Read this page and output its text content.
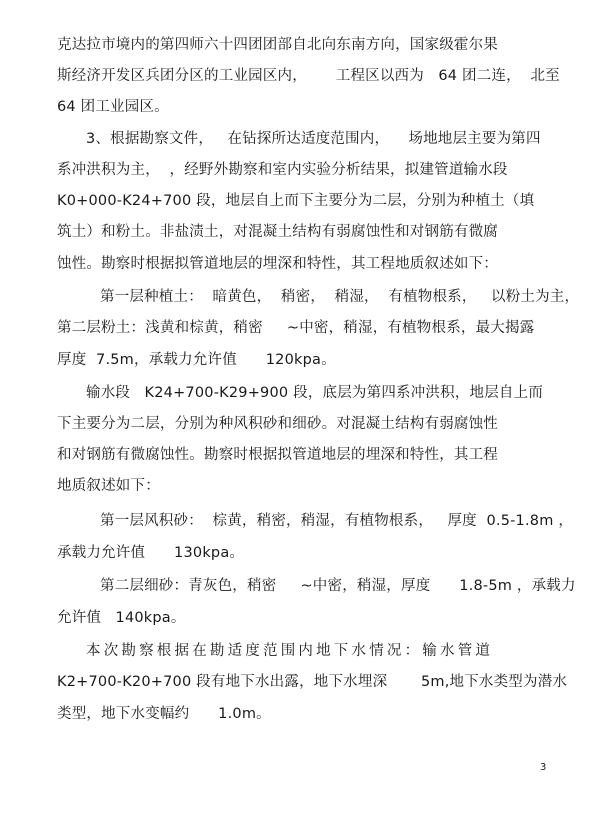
克达拉市境内的第四师六十四团团部自北向东南方向，国家级霍尔果
斯经济开发区兵团分区的工业园区内，      工程区以西为   64 团二连，  北至
64 团工业园区。
3、根据勘察文件，   在钻探所达适度范围内，    场地地层主要为第四
系冲洪积为主，  ，经野外勘察和室内实验分析结果，拟建管道输水段
K0+000-K24+700 段，地层自上而下主要分为二层，分别为种植土（填
筑土）和粉土。非盐渍土，对混凝土结构有弱腐蚀性和对钢筋有微腐
蚀性。勘察时根据拟管道地层的埋深和特性，其工程地质叙述如下：
第一层种植土：  暗黄色，  稍密，  稍湿，  有植物根系，   以粉土为主，
第二层粉土：浅黄和棕黄，稍密     ~中密，稍湿，有植物根系，最大揭露
厚度  7.5m，承载力允许值      120kpa。
输水段   K24+700-K29+900 段，底层为第四系冲洪积，地层自上而
下主要分为二层，分别为种风积砂和细砂。对混凝土结构有弱腐蚀性
和对钢筋有微腐蚀性。勘察时根据拟管道地层的埋深和特性，其工程
地质叙述如下：
第一层风积砂：  棕黄，稍密，稍湿，有植物根系，   厚度  0.5-1.8m ，
承载力允许值      130kpa。
第二层细砂：青灰色，稍密     ~中密，稍湿，厚度      1.8-5m ，承载力
允许值   140kpa。
本次勘察根据在勘适度范围内地下水情况：输水管道
K2+700-K20+700 段有地下水出露，地下水埋深       5m,地下水类型为潜水
类型，地下水变幅约      1.0m。
3
